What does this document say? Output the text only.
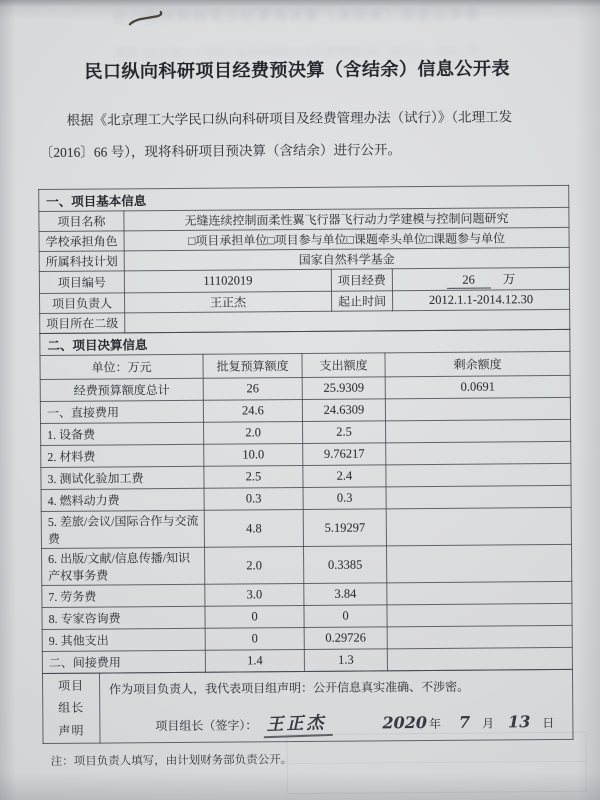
民口纵向科研项目经费预决算（含结余）信息公开表
根据《北京理工大学民口纵向科研项目及经费管理办法（试行）》（北理工发
民口纵向科研项目经费预决算（含结余）信息公开表
根据《北京理工大学民口纵向科研项目及经费管理办法（试行）》（北理工发
〔2016〕66 号），现将科研项目预决算（含结余）进行公开。
一、项目基本信息			
项目名称	无缝连续控制面柔性翼飞行器飞行动力学建模与控制问题研究		
学校承担角色	□项目承担单位□项目参与单位□课题牵头单位□课题参与单位		
所属科技计划	国家自然科学基金		
项目编号	11102019	项目经费	26 万
项目负责人	王正杰	起止时间	2012.1.1-2014.12.30
项目所在二级			
二、项目决算信息			
单位：万元	批复预算额度	支出额度	剩余额度
经费预算额度总计	26	25.9309	0.0691
一、直接费用	24.6	24.6309	
1. 设备费	2.0	2.5	
2. 材料费	10.0	9.76217	
3. 测试化验加工费	2.5	2.4	
4. 燃料动力费	0.3	0.3	
5. 差旅/会议/国际合作与交流费	4.8	5.19297	
6. 出版/文献/信息传播/知识产权事务费	2.0	0.3385	
7. 劳务费	3.0	3.84	
8. 专家咨询费	0	0	
9. 其他支出	0	0.29726	
二、间接费用	1.4	1.3	
项目组长声明

作为项目负责人，我代表项目组声明：公开信息真实准确、不涉密。
项目组长（签字）： 王正杰	2020 年 7 月 13 日
注：项目负责人填写，由计划财务部负责公开。
